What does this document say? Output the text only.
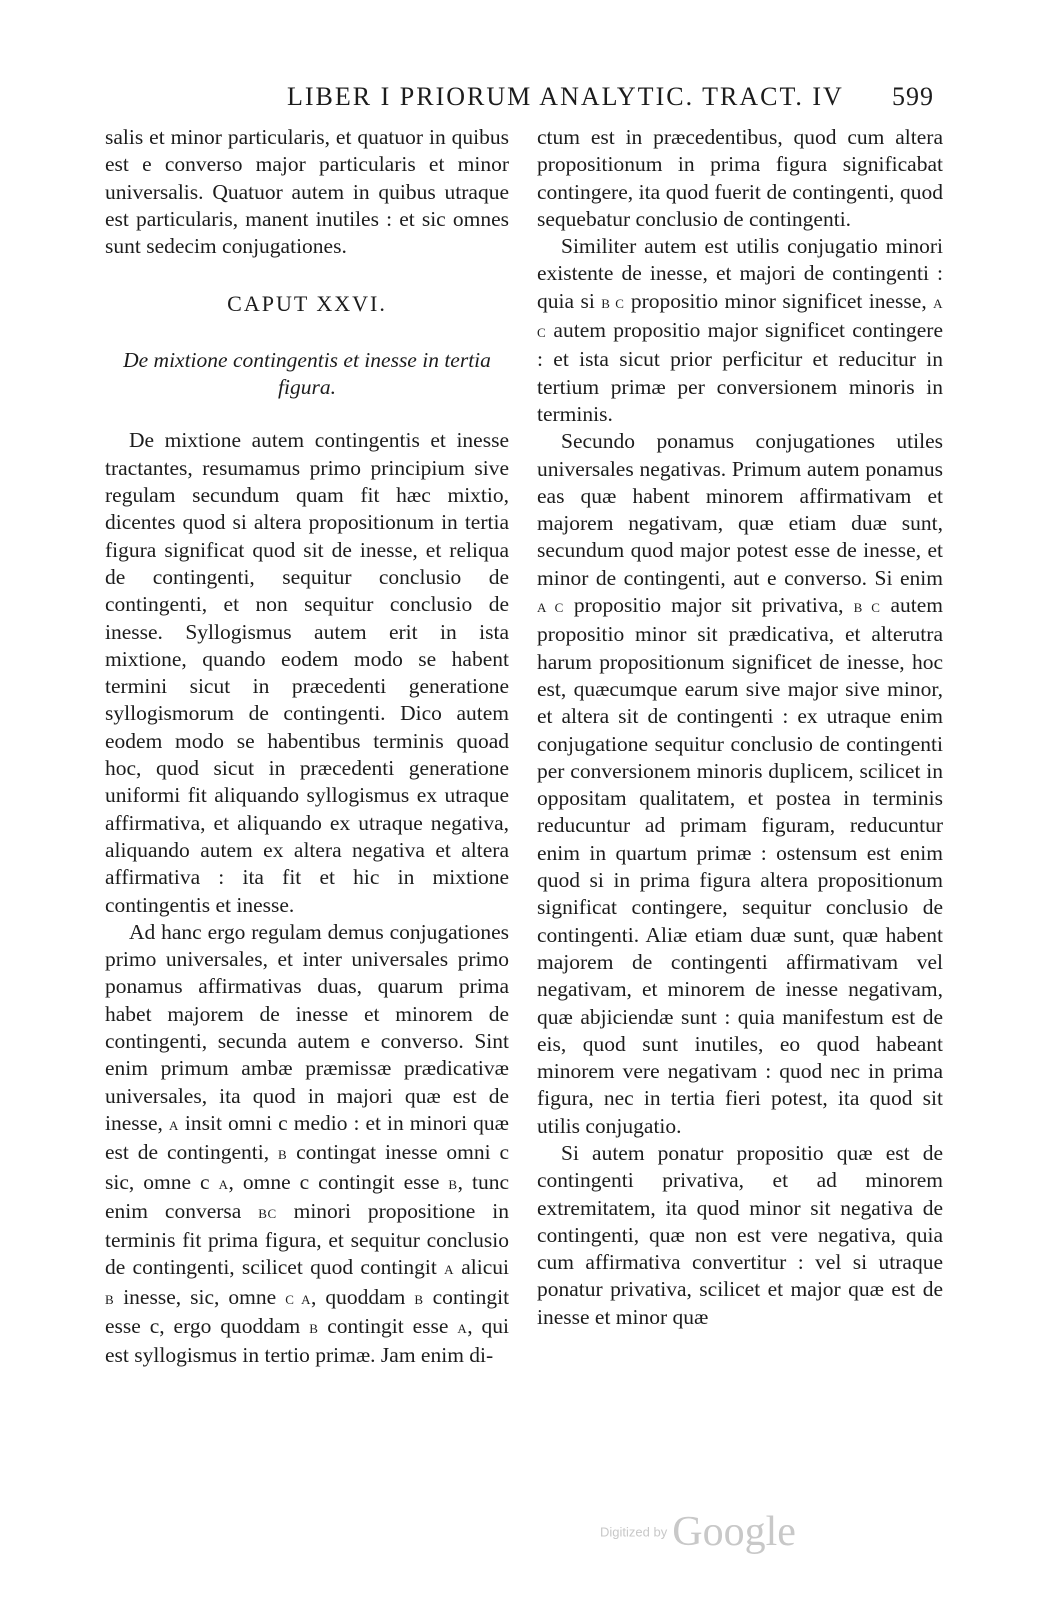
LIBER I PRIORUM ANALYTIC. TRACT. IV 599

salis et minor particularis, et quatuor in quibus est e converso major particularis et minor universalis. Quatuor autem in quibus utraque est particularis, manent inutiles : et sic omnes sunt sedecim conjugationes.

CAPUT XXVI.
De mixtione contingentis et inesse in tertia figura.

De mixtione autem contingentis et inesse tractantes, resumamus primo principium sive regulam secundum quam fit hæc mixtio, dicentes quod si altera propositionum in tertia figura significat quod sit de inesse, et reliqua de contingenti, sequitur conclusio de contingenti, et non sequitur conclusio de inesse. Syllogismus autem erit in ista mixtione, quando eodem modo se habent termini sicut in præcedenti generatione syllogismorum de contingenti. Dico autem eodem modo se habentibus terminis quoad hoc, quod sicut in præcedenti generatione uniformi fit aliquando syllogismus ex utraque affirmativa, et aliquando ex utraque negativa, aliquando autem ex altera negativa et altera affirmativa : ita fit et hic in mixtione contingentis et inesse.

Ad hanc ergo regulam demus conjugationes primo universales, et inter universales primo ponamus affirmativas duas, quarum prima habet majorem de inesse et minorem de contingenti, secunda autem e converso. Sint enim primum ambæ præmissæ prædicativæ universales, ita quod in majori quæ est de inesse, A insit omni c medio : et in minori quæ est de contingenti, B contingat inesse omni c sic, omne c A, omne c contingit esse B, tunc enim conversa BC minori propositione in terminis fit prima figura, et sequitur conclusio de contingenti, scilicet quod contingit A alicui B inesse, sic, omne C A, quoddam B contingit esse c, ergo quoddam B contingit esse A, qui est syllogismus in tertio primæ. Jam enim di-

ctum est in præcedentibus, quod cum altera propositionum in prima figura significabat contingere, ita quod fuerit de contingenti, quod sequebatur conclusio de contingenti.

Similiter autem est utilis conjugatio minori existente de inesse, et majori de contingenti : quia si B C propositio minor significet inesse, A C autem propositio major significet contingere : et ista sicut prior perficitur et reducitur in tertium primæ per conversionem minoris in terminis.

Secundo ponamus conjugationes utiles universales negativas. Primum autem ponamus eas quæ habent minorem affirmativam et majorem negativam, quæ etiam duæ sunt, secundum quod major potest esse de inesse, et minor de contingenti, aut e converso. Si enim A C propositio major sit privativa, B C autem propositio minor sit prædicativa, et alterutra harum propositionum significet de inesse, hoc est, quæcumque earum sive major sive minor, et altera sit de contingenti : ex utraque enim conjugatione sequitur conclusio de contingenti per conversionem minoris duplicem, scilicet in oppositam qualitatem, et postea in terminis reducuntur ad primam figuram, reducuntur enim in quartum primæ : ostensum est enim quod si in prima figura altera propositionum significat contingere, sequitur conclusio de contingenti. Aliæ etiam duæ sunt, quæ habent majorem de contingenti affirmativam vel negativam, et minorem de inesse negativam, quæ abjiciendæ sunt : quia manifestum est de eis, quod sunt inutiles, eo quod habeant minorem vere negativam : quod nec in prima figura, nec in tertia fieri potest, ita quod sit utilis conjugatio.

Si autem ponatur propositio quæ est de contingenti privativa, et ad minorem extremitatem, ita quod minor sit negativa de contingenti, quæ non est vere negativa, quia cum affirmativa convertitur : vel si utraque ponatur privativa, scilicet et major quæ est de inesse et minor quæ

Digitized by Google
